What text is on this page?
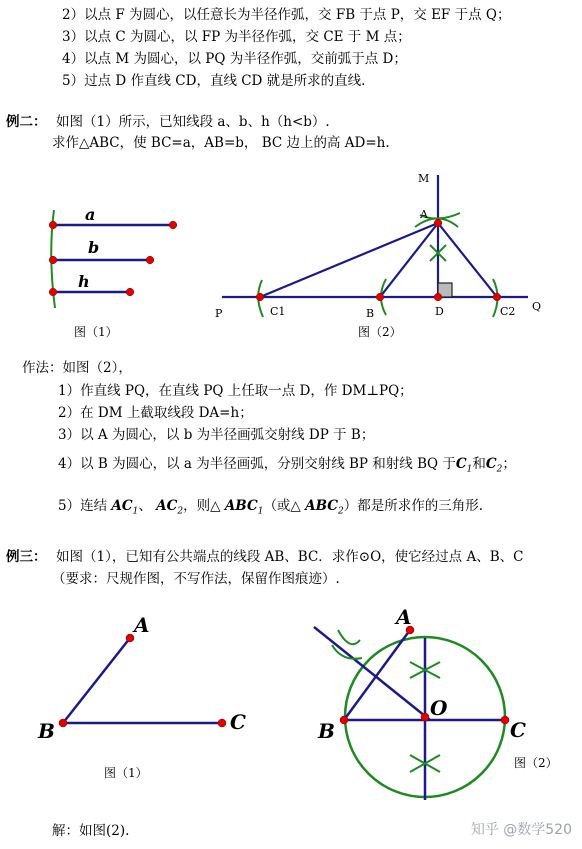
2）以点 F 为圆心，以任意长为半径作弧，交 FB 于点 P，交 EF 于点 Q；
3）以点 C 为圆心，以 FP 为半径作弧，交 CE 于 M 点；
4）以点 M 为圆心，以 PQ 为半径作弧，交前弧于点 D；
5）过点 D 作直线 CD，直线 CD 就是所求的直线.
例二： 如图（1）所示，已知线段 a、b、h（h<b）.
求作△ABC，使 BC=a，AB=b， BC 边上的高 AD=h.
a
b
h
图（1）
M
A
P	C1	B	D	C2 Q
图（2）
作法：如图（2），
1）作直线 PQ，在直线 PQ 上任取一点 D，作 DM⊥PQ；
2）在 DM 上截取线段 DA=h；
3）以 A 为圆心，以 b 为半径画弧交射线 DP 于 B；
4）以 B 为圆心，以 a 为半径画弧，分别交射线 BP 和射线 BQ 于$C_1$和$C_2$；
5）连结 $AC_1$、 $AC_2$，则△ $ABC_1$（或△ $ABC_2$）都是所求作的三角形.
例三： 如图（1），已知有公共端点的线段 AB、BC．求作⊙O，使它经过点 A、B、C
（要求：尺规作图，不写作法，保留作图痕迹）.
A
B	C
图（1）
A
B
O
C
图（2）
解：如图(2).	知乎 @数学520
